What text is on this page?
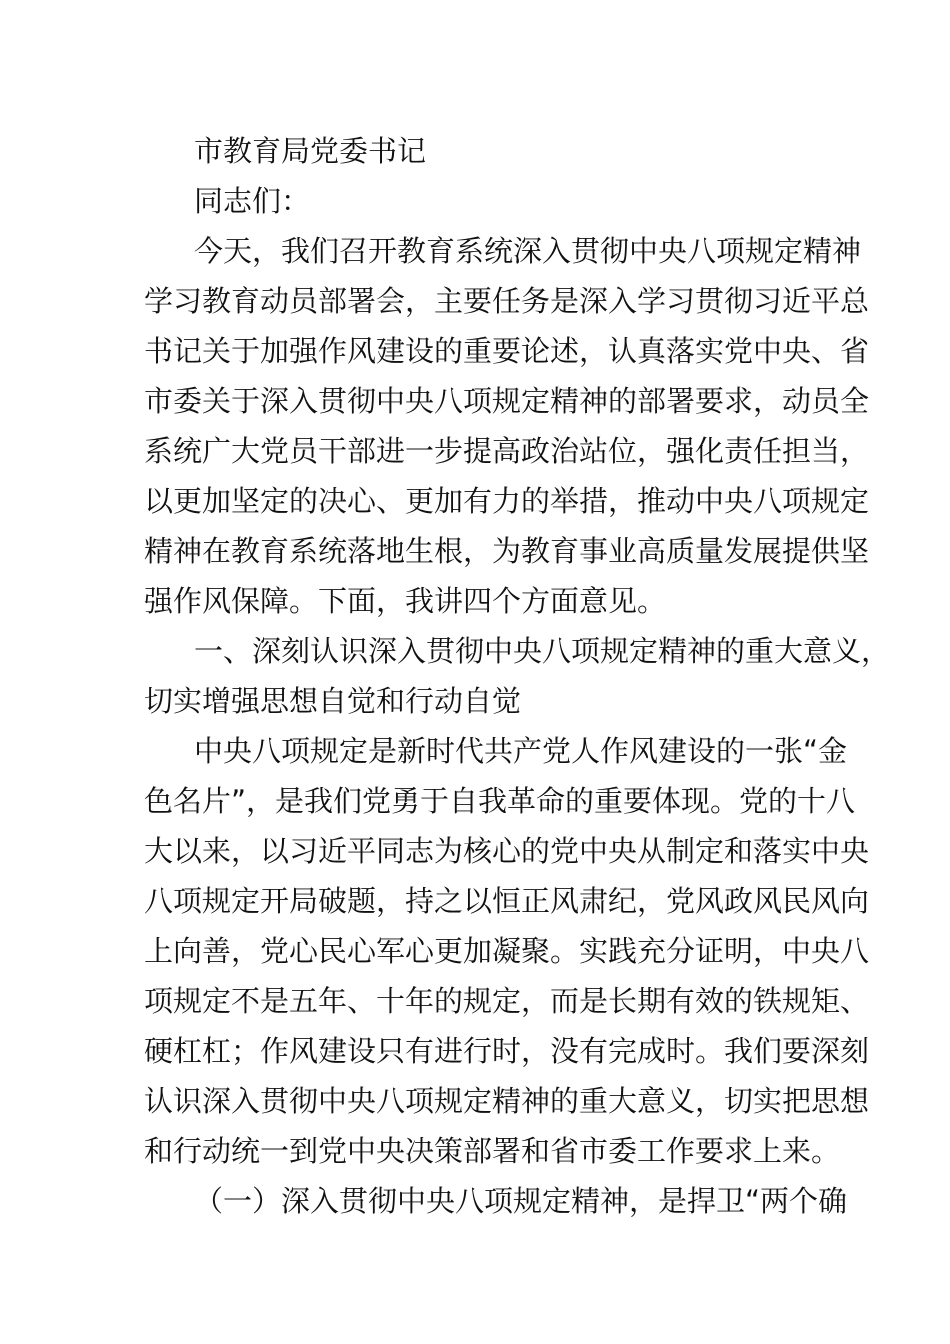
市教育局党委书记
同志们：
今天，我们召开教育系统深入贯彻中央八项规定精神
学习教育动员部署会，主要任务是深入学习贯彻习近平总
书记关于加强作风建设的重要论述，认真落实党中央、省
市委关于深入贯彻中央八项规定精神的部署要求，动员全
系统广大党员干部进一步提高政治站位，强化责任担当，
以更加坚定的决心、更加有力的举措，推动中央八项规定
精神在教育系统落地生根，为教育事业高质量发展提供坚
强作风保障。下面，我讲四个方面意见。
一、深刻认识深入贯彻中央八项规定精神的重大意义，
切实增强思想自觉和行动自觉
中央八项规定是新时代共产党人作风建设的一张“金
色名片”，是我们党勇于自我革命的重要体现。党的十八
大以来，以习近平同志为核心的党中央从制定和落实中央
八项规定开局破题，持之以恒正风肃纪，党风政风民风向
上向善，党心民心军心更加凝聚。实践充分证明，中央八
项规定不是五年、十年的规定，而是长期有效的铁规矩、
硬杠杠；作风建设只有进行时，没有完成时。我们要深刻
认识深入贯彻中央八项规定精神的重大意义，切实把思想
和行动统一到党中央决策部署和省市委工作要求上来。
（一）深入贯彻中央八项规定精神，是捍卫“两个确
